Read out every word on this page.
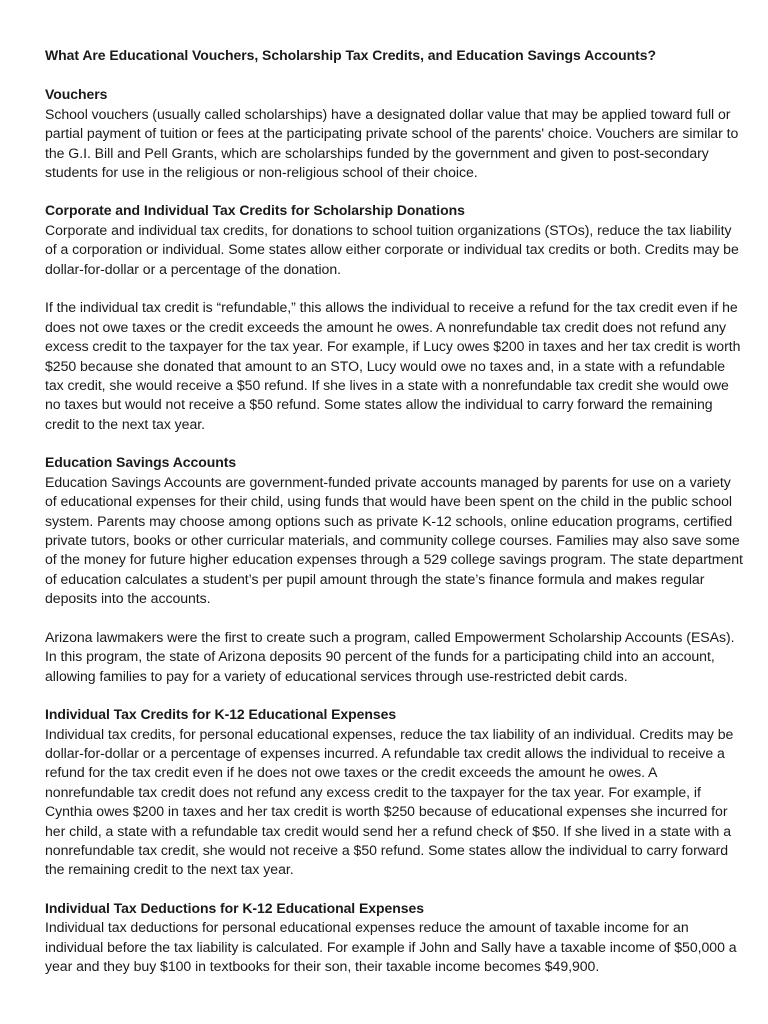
What Are Educational Vouchers, Scholarship Tax Credits, and Education Savings Accounts?
Vouchers

School vouchers (usually called scholarships) have a designated dollar value that may be applied toward full or partial payment of tuition or fees at the participating private school of the parents' choice. Vouchers are similar to the G.I. Bill and Pell Grants, which are scholarships funded by the government and given to post-secondary students for use in the religious or non-religious school of their choice.

Corporate and Individual Tax Credits for Scholarship Donations

Corporate and individual tax credits, for donations to school tuition organizations (STOs), reduce the tax liability of a corporation or individual. Some states allow either corporate or individual tax credits or both. Credits may be dollar-for-dollar or a percentage of the donation.

If the individual tax credit is “refundable,” this allows the individual to receive a refund for the tax credit even if he does not owe taxes or the credit exceeds the amount he owes. A nonrefundable tax credit does not refund any excess credit to the taxpayer for the tax year. For example, if Lucy owes $200 in taxes and her tax credit is worth $250 because she donated that amount to an STO, Lucy would owe no taxes and, in a state with a refundable tax credit, she would receive a $50 refund. If she lives in a state with a nonrefundable tax credit she would owe no taxes but would not receive a $50 refund. Some states allow the individual to carry forward the remaining credit to the next tax year.

Education Savings Accounts

Education Savings Accounts are government-funded private accounts managed by parents for use on a variety of educational expenses for their child, using funds that would have been spent on the child in the public school system. Parents may choose among options such as private K-12 schools, online education programs, certified private tutors, books or other curricular materials, and community college courses. Families may also save some of the money for future higher education expenses through a 529 college savings program. The state department of education calculates a student’s per pupil amount through the state’s finance formula and makes regular deposits into the accounts.

Arizona lawmakers were the first to create such a program, called Empowerment Scholarship Accounts (ESAs). In this program, the state of Arizona deposits 90 percent of the funds for a participating child into an account, allowing families to pay for a variety of educational services through use-restricted debit cards.

Individual Tax Credits for K-12 Educational Expenses

Individual tax credits, for personal educational expenses, reduce the tax liability of an individual. Credits may be dollar-for-dollar or a percentage of expenses incurred. A refundable tax credit allows the individual to receive a refund for the tax credit even if he does not owe taxes or the credit exceeds the amount he owes. A nonrefundable tax credit does not refund any excess credit to the taxpayer for the tax year. For example, if Cynthia owes $200 in taxes and her tax credit is worth $250 because of educational expenses she incurred for her child, a state with a refundable tax credit would send her a refund check of $50. If she lived in a state with a nonrefundable tax credit, she would not receive a $50 refund. Some states allow the individual to carry forward the remaining credit to the next tax year.

Individual Tax Deductions for K-12 Educational Expenses

Individual tax deductions for personal educational expenses reduce the amount of taxable income for an individual before the tax liability is calculated. For example if John and Sally have a taxable income of $50,000 a year and they buy $100 in textbooks for their son, their taxable income becomes $49,900.
